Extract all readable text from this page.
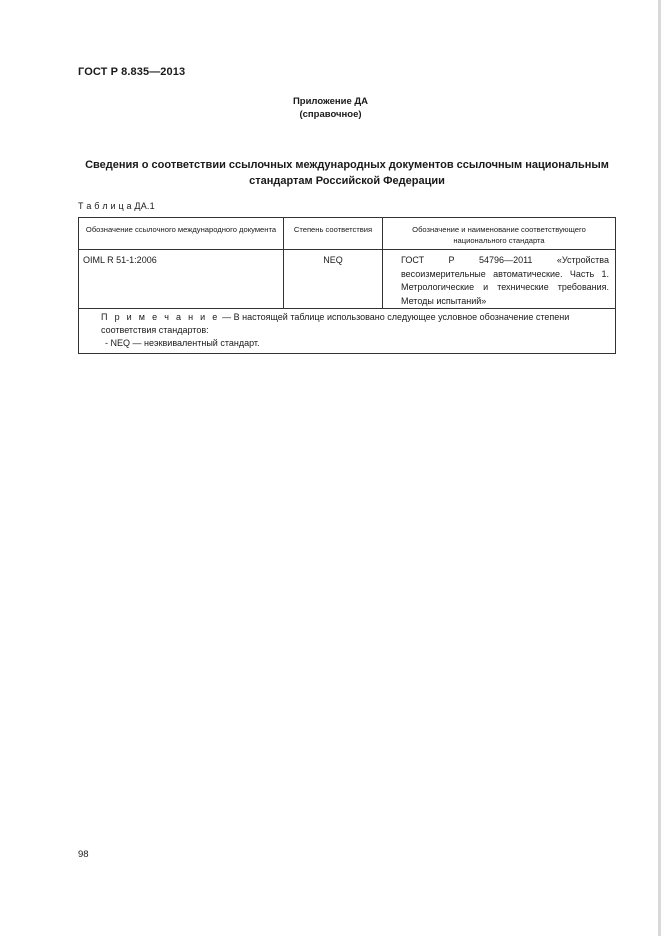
ГОСТ Р 8.835—2013
Приложение ДА
(справочное)
Сведения о соответствии ссылочных международных документов ссылочным национальным
стандартам Российской Федерации
Т а б л и ц а ДА.1
Обозначение ссылочного международного документа	Степень соответствия	Обозначение и наименование соответствующего национального стандарта
OIML R 51-1:2006	NEQ	ГОСТ Р 54796—2011 «Устройства весоизмерительные автоматические. Часть 1. Метрологические и технические требования. Методы испытаний»

П р и м е ч а н и е — В настоящей таблице использовано следующее условное обозначение степени соответствия стандартов:
- NEQ — неэквивалентный стандарт.		
98
